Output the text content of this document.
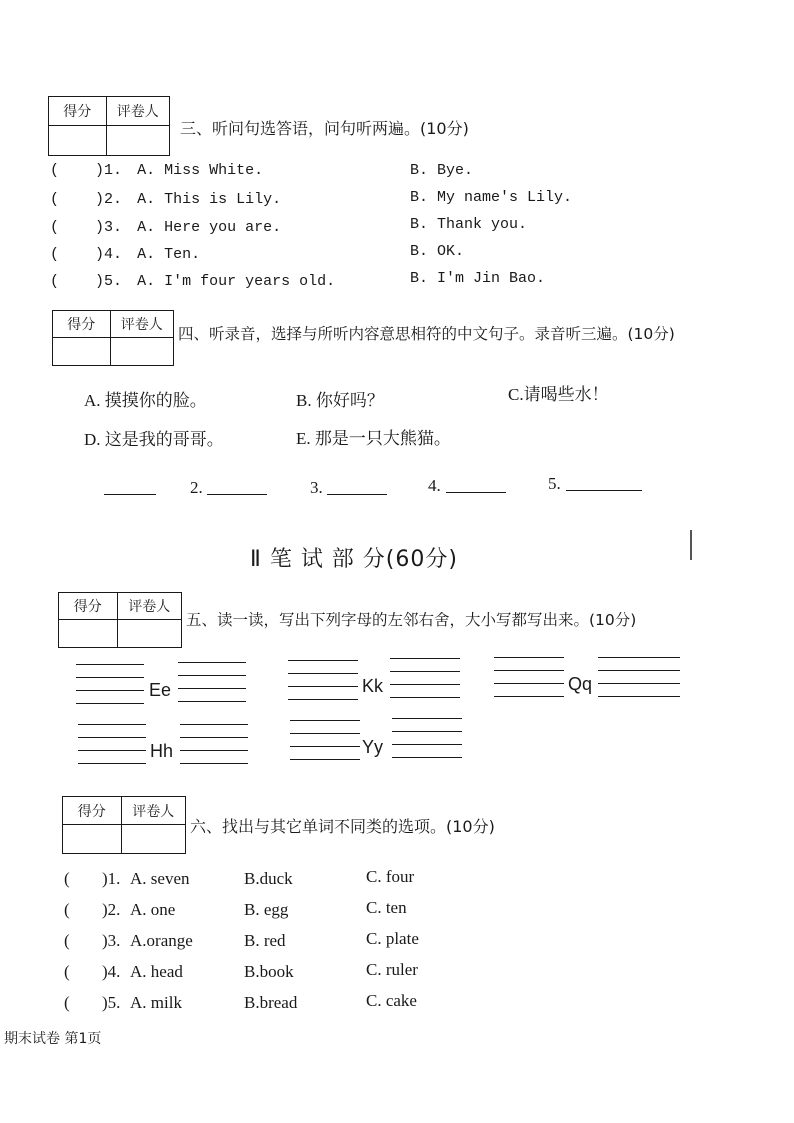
得分	评卷人
三、听问句选答语，问句听两遍。(10分)
( )1. A. Miss White.	B. Bye.
( )2. A. This is Lily.	B. My name's Lily.
( )3. A. Here you are.	B. Thank you.
( )4. A. Ten.	B. OK.
( )5. A. I'm four years old.	B. I'm Jin Bao.
得分	评卷人 四、听录音，选择与所听内容意思相符的中文句子。录音听三遍。(10分)
A. 摸摸你的脸。	B. 你好吗？	C.请喝些水！
D. 这是我的哥哥。	E. 那是一只大熊猫。
1.	2.	3.	4.	5.
Ⅱ 笔 试 部 分(60分)
得分	评卷人
五、读一读，写出下列字母的左邻右舍，大小写都写出来。(10分)
Ee	Kk	Qq
Hh	Yy
得分	评卷人
六、找出与其它单词不同类的选项。(10分)
( )1. A. seven	B.duck	C. four
( )2. A. one	B. egg	C. ten
( )3. A.orange	B. red	C. plate
( )4. A. head	B.book	C. ruler
( )5. A. milk	B.bread	C. cake
期末试卷 第1页
